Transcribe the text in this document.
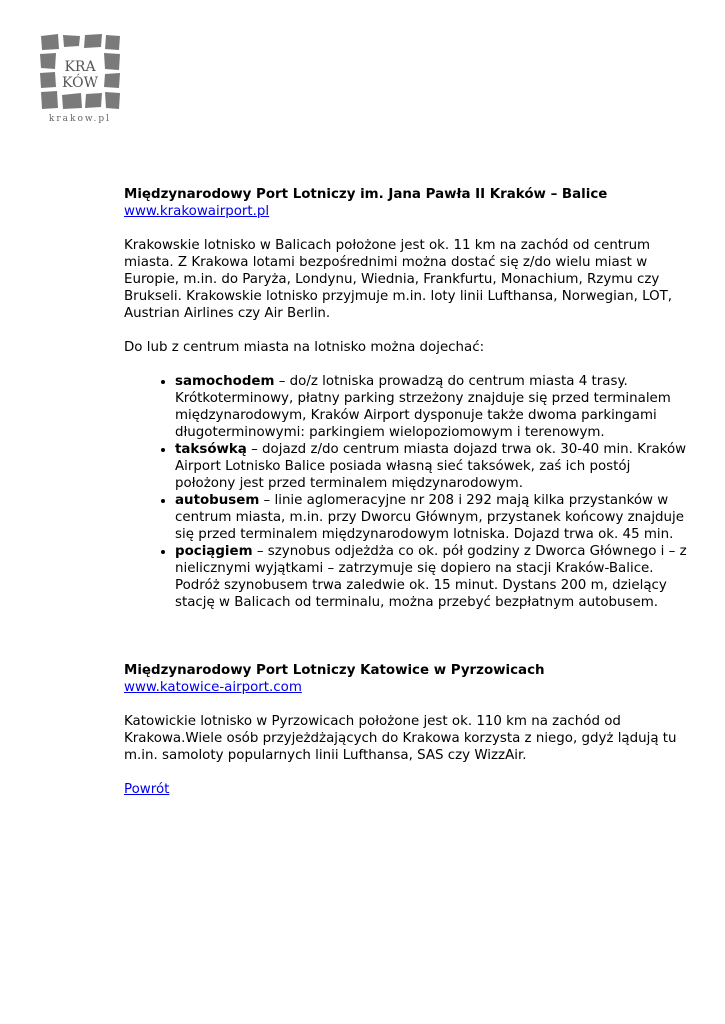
KRA
KÓW
krakow.pl

Międzynarodowy Port Lotniczy im. Jana Pawła II Kraków – Balice

www.krakowairport.pl

Krakowskie lotnisko w Balicach położone jest ok. 11 km na zachód od centrum miasta. Z Krakowa lotami bezpośrednimi można dostać się z/do wielu miast w Europie, m.in. do Paryża, Londynu, Wiednia, Frankfurtu, Monachium, Rzymu czy Brukseli. Krakowskie lotnisko przyjmuje m.in. loty linii Lufthansa, Norwegian, LOT, Austrian Airlines czy Air Berlin.

Do lub z centrum miasta na lotnisko można dojechać:

• samochodem – do/z lotniska prowadzą do centrum miasta 4 trasy. Krótkoterminowy, płatny parking strzeżony znajduje się przed terminalem międzynarodowym, Kraków Airport dysponuje także dwoma parkingami długoterminowymi: parkingiem wielopoziomowym i terenowym.
• taksówką – dojazd z/do centrum miasta dojazd trwa ok. 30-40 min. Kraków Airport Lotnisko Balice posiada własną sieć taksówek, zaś ich postój położony jest przed terminalem międzynarodowym.
• autobusem – linie aglomeracyjne nr 208 i 292 mają kilka przystanków w centrum miasta, m.in. przy Dworcu Głównym, przystanek końcowy znajduje się przed terminalem międzynarodowym lotniska. Dojazd trwa ok. 45 min.
• pociągiem – szynobus odjeżdża co ok. pół godziny z Dworca Głównego i – z nielicznymi wyjątkami – zatrzymuje się dopiero na stacji Kraków-Balice. Podróż szynobusem trwa zaledwie ok. 15 minut. Dystans 200 m, dzielący stację w Balicach od terminalu, można przebyć bezpłatnym autobusem.

Międzynarodowy Port Lotniczy Katowice w Pyrzowicach

www.katowice-airport.com

Katowickie lotnisko w Pyrzowicach położone jest ok. 110 km na zachód od Krakowa.Wiele osób przyjeżdżających do Krakowa korzysta z niego, gdyż lądują tu m.in. samoloty popularnych linii Lufthansa, SAS czy WizzAir.

Powrót
